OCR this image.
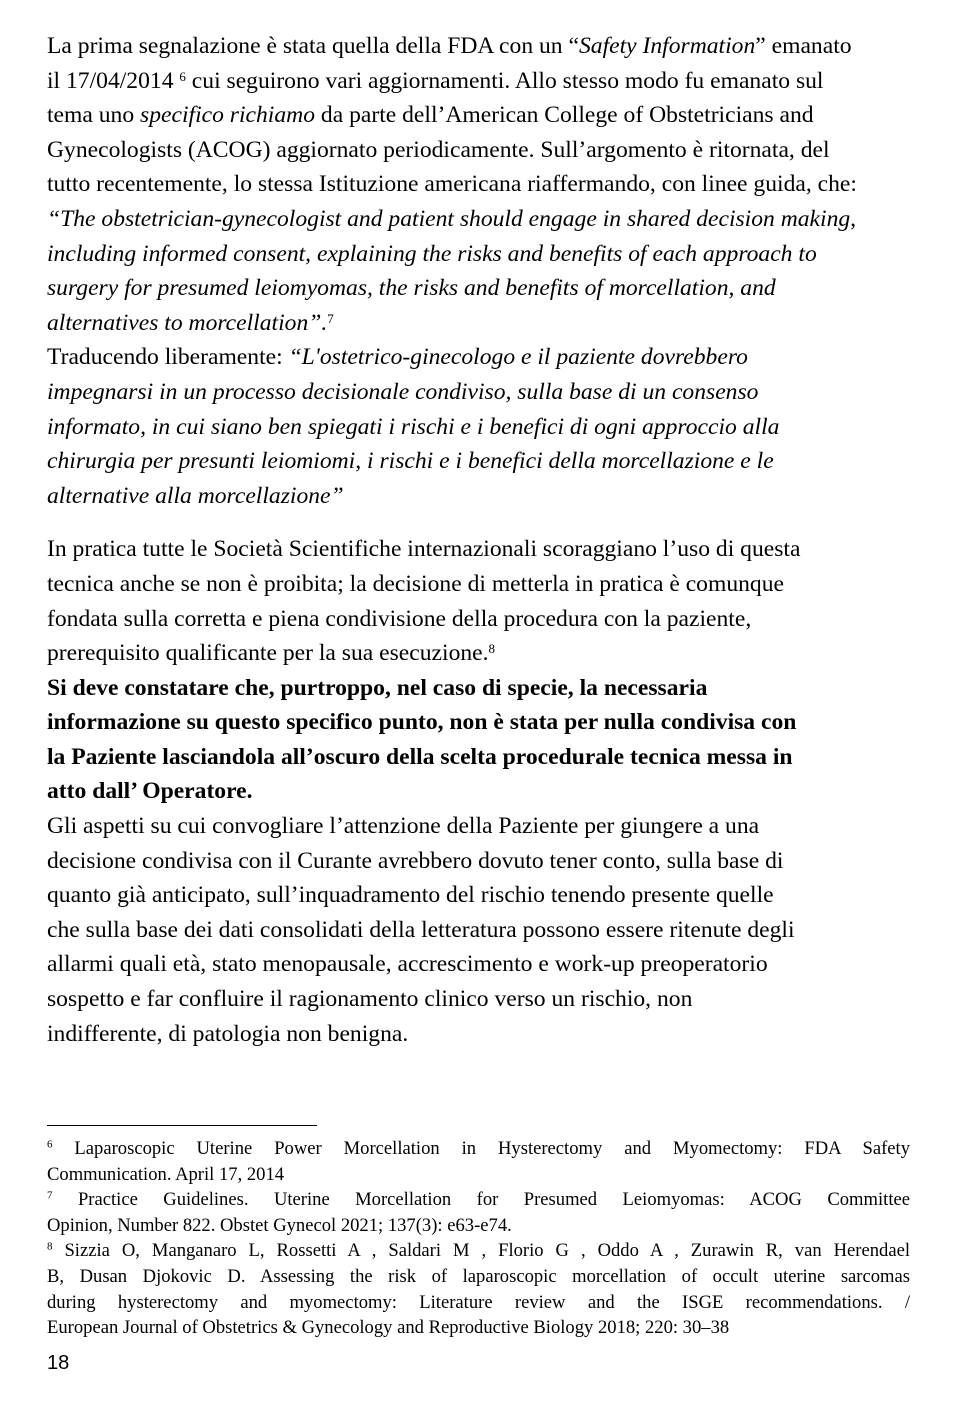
La prima segnalazione è stata quella della FDA con un “Safety Information” emanato
il 17/04/2014 $^6$ cui seguirono vari aggiornamenti. Allo stesso modo fu emanato sul
tema uno specifico richiamo da parte dell’American College of Obstetricians and
Gynecologists (ACOG) aggiornato periodicamente. Sull’argomento è ritornata, del
tutto recentemente, lo stessa Istituzione americana riaffermando, con linee guida, che:
“The obstetrician-gynecologist and patient should engage in shared decision making,
including informed consent, explaining the risks and benefits of each approach to
surgery for presumed leiomyomas, the risks and benefits of morcellation, and
alternatives to morcellation”.$^7$
Traducendo liberamente: “L'ostetrico-ginecologo e il paziente dovrebbero
impegnarsi in un processo decisionale condiviso, sulla base di un consenso
informato, in cui siano ben spiegati i rischi e i benefici di ogni approccio alla
chirurgia per presunti leiomiomi, i rischi e i benefici della morcellazione e le
alternative alla morcellazione”
In pratica tutte le Società Scientifiche internazionali scoraggiano l’uso di questa
tecnica anche se non è proibita; la decisione di metterla in pratica è comunque
fondata sulla corretta e piena condivisione della procedura con la paziente,
prerequisito qualificante per la sua esecuzione.$^8$
Si deve constatare che, purtroppo, nel caso di specie, la necessaria
informazione su questo specifico punto, non è stata per nulla condivisa con
la Paziente lasciandola all’oscuro della scelta procedurale tecnica messa in
atto dall’ Operatore.
Gli aspetti su cui convogliare l’attenzione della Paziente per giungere a una
decisione condivisa con il Curante avrebbero dovuto tener conto, sulla base di
quanto già anticipato, sull’inquadramento del rischio tenendo presente quelle
che sulla base dei dati consolidati della letteratura possono essere ritenute degli
allarmi quali età, stato menopausale, accrescimento e work-up preoperatorio
sospetto e far confluire il ragionamento clinico verso un rischio, non
indifferente, di patologia non benigna.
$^6$ Laparoscopic Uterine Power Morcellation in Hysterectomy and Myomectomy: FDA Safety
Communication. April 17, 2014
$^7$ Practice Guidelines. Uterine Morcellation for Presumed Leiomyomas: ACOG Committee
Opinion, Number 822. Obstet Gynecol 2021; 137(3): e63-e74.
$^8$ Sizzia O, Manganaro L, Rossetti A , Saldari M , Florio G , Oddo A , Zurawin R, van Herendael
B, Dusan Djokovic D. Assessing the risk of laparoscopic morcellation of occult uterine sarcomas
during hysterectomy and myomectomy: Literature review and the ISGE recommendations. /
European Journal of Obstetrics & Gynecology and Reproductive Biology 2018; 220: 30–38
18
